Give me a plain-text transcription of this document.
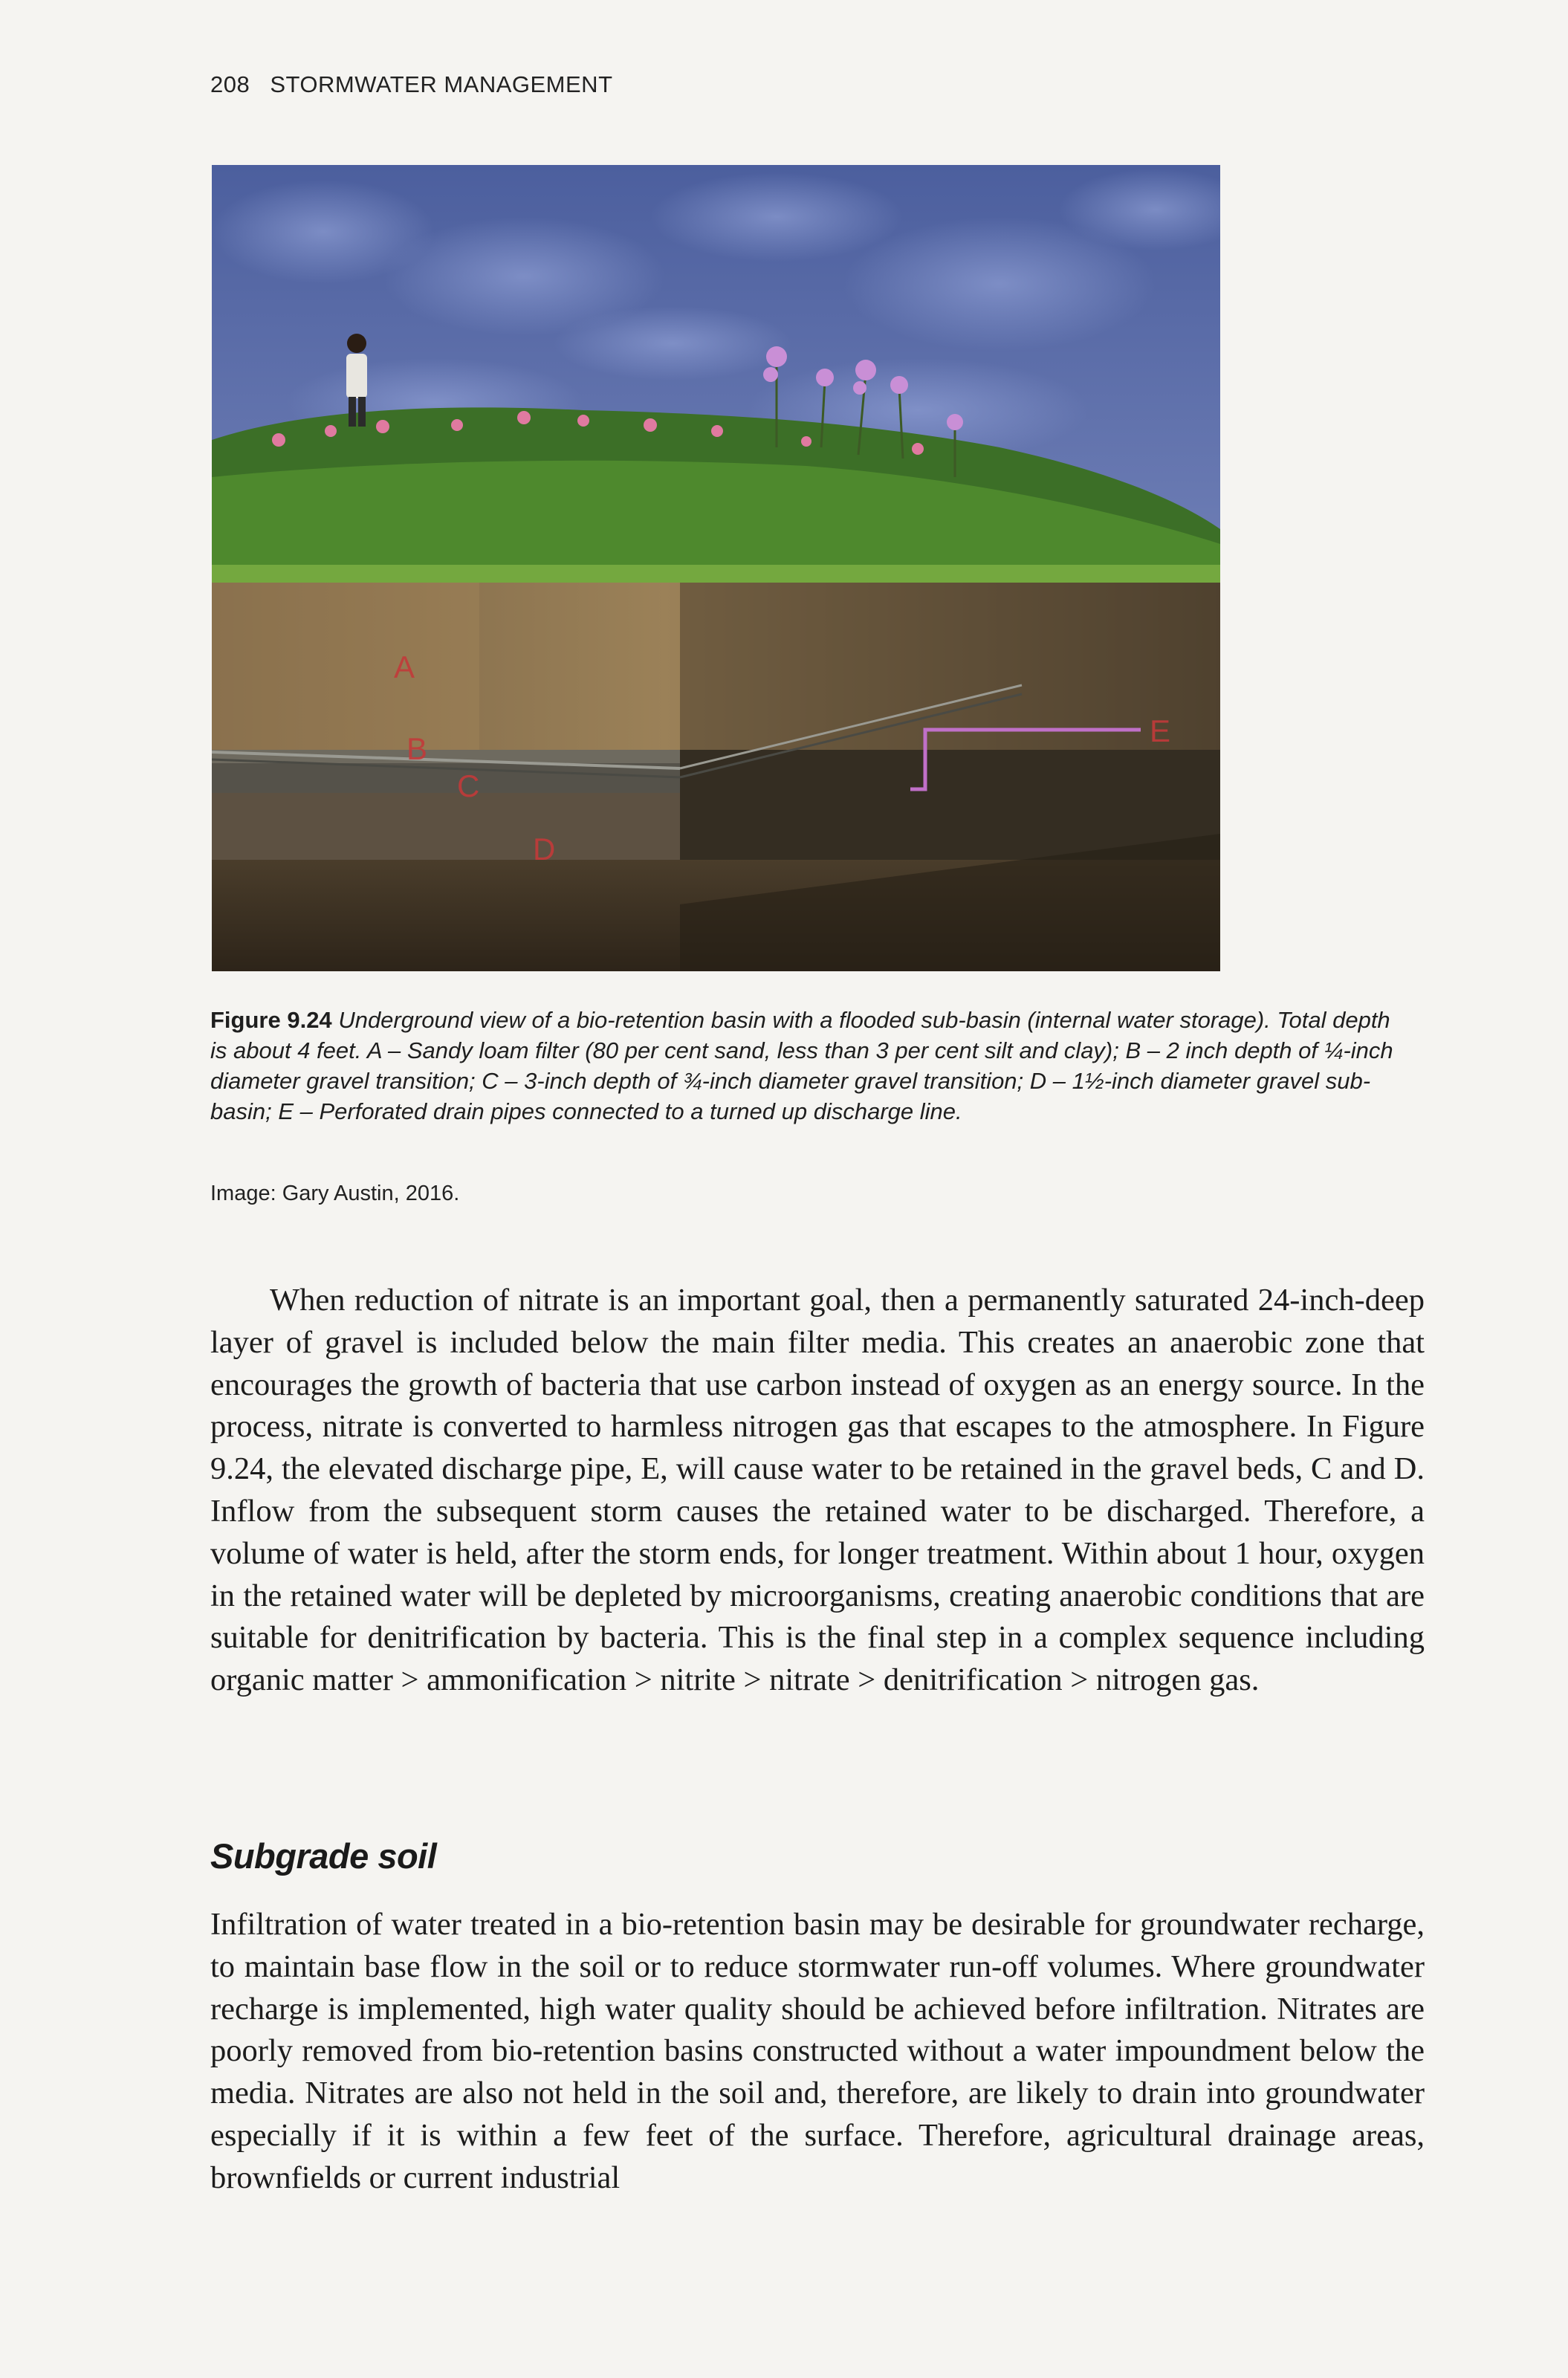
208 STORMWATER MANAGEMENT
A
B
C
D
E
Figure 9.24 Underground view of a bio-retention basin with a flooded sub-basin (internal water storage). Total depth is about 4 feet. A – Sandy loam filter (80 per cent sand, less than 3 per cent silt and clay); B – 2 inch depth of ¼-inch diameter gravel transition; C – 3-inch depth of ¾-inch diameter gravel transition; D – 1½-inch diameter gravel sub-basin; E – Perforated drain pipes connected to a turned up discharge line.
Image: Gary Austin, 2016.

When reduction of nitrate is an important goal, then a permanently saturated 24-inch-deep layer of gravel is included below the main filter media. This creates an anaerobic zone that encourages the growth of bacteria that use carbon instead of oxygen as an energy source. In the process, nitrate is converted to harmless nitrogen gas that escapes to the atmosphere. In Figure 9.24, the elevated discharge pipe, E, will cause water to be retained in the gravel beds, C and D. Inflow from the subsequent storm causes the retained water to be discharged. Therefore, a volume of water is held, after the storm ends, for longer treatment. Within about 1 hour, oxygen in the retained water will be depleted by microorganisms, creating anaerobic conditions that are suitable for denitrification by bacteria. This is the final step in a complex sequence including organic matter > ammonification > nitrite > nitrate > denitrification > nitrogen gas.

Subgrade soil

Infiltration of water treated in a bio-retention basin may be desirable for groundwater recharge, to maintain base flow in the soil or to reduce stormwater run-off volumes. Where groundwater recharge is implemented, high water quality should be achieved before infiltration. Nitrates are poorly removed from bio-retention basins constructed without a water impoundment below the media. Nitrates are also not held in the soil and, therefore, are likely to drain into groundwater especially if it is within a few feet of the surface. Therefore, agricultural drainage areas, brownfields or current industrial
